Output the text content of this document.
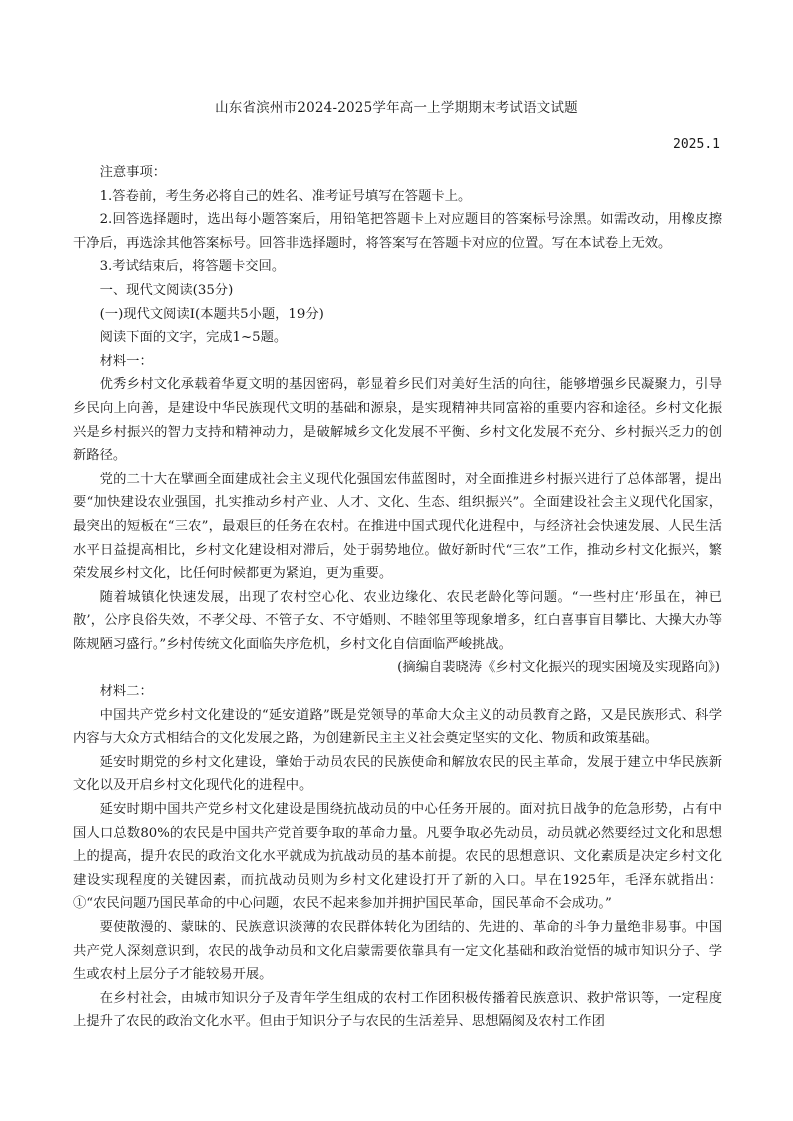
山东省滨州市2024-2025学年高一上学期期末考试语文试题
2025.1

注意事项：

1.答卷前，考生务必将自己的姓名、准考证号填写在答题卡上。

2.回答选择题时，选出每小题答案后，用铅笔把答题卡上对应题目的答案标号涂黑。如需改动，用橡皮擦干净后，再选涂其他答案标号。回答非选择题时，将答案写在答题卡对应的位置。写在本试卷上无效。

3.考试结束后，将答题卡交回。

一、现代文阅读(35分)

(一)现代文阅读Ⅰ(本题共5小题，19分)

阅读下面的文字，完成1~5题。

材料一：

优秀乡村文化承载着华夏文明的基因密码，彰显着乡民们对美好生活的向往，能够增强乡民凝聚力，引导乡民向上向善，是建设中华民族现代文明的基础和源泉，是实现精神共同富裕的重要内容和途径。乡村文化振兴是乡村振兴的智力支持和精神动力，是破解城乡文化发展不平衡、乡村文化发展不充分、乡村振兴乏力的创新路径。

党的二十大在擘画全面建成社会主义现代化强国宏伟蓝图时，对全面推进乡村振兴进行了总体部署，提出要“加快建设农业强国，扎实推动乡村产业、人才、文化、生态、组织振兴”。全面建设社会主义现代化国家，最突出的短板在“三农”，最艰巨的任务在农村。在推进中国式现代化进程中，与经济社会快速发展、人民生活水平日益提高相比，乡村文化建设相对滞后，处于弱势地位。做好新时代“三农”工作，推动乡村文化振兴，繁荣发展乡村文化，比任何时候都更为紧迫，更为重要。

随着城镇化快速发展，出现了农村空心化、农业边缘化、农民老龄化等问题。“一些村庄‘形虽在，神已散’，公序良俗失效，不孝父母、不管子女、不守婚则、不睦邻里等现象增多，红白喜事盲目攀比、大操大办等陈规陋习盛行。”乡村传统文化面临失序危机，乡村文化自信面临严峻挑战。

(摘编自裴晓涛《乡村文化振兴的现实困境及实现路向》)

材料二：

中国共产党乡村文化建设的“延安道路”既是党领导的革命大众主义的动员教育之路，又是民族形式、科学内容与大众方式相结合的文化发展之路，为创建新民主主义社会奠定坚实的文化、物质和政策基础。

延安时期党的乡村文化建设，肇始于动员农民的民族使命和解放农民的民主革命，发展于建立中华民族新文化以及开启乡村文化现代化的进程中。

延安时期中国共产党乡村文化建设是围绕抗战动员的中心任务开展的。面对抗日战争的危急形势，占有中国人口总数80%的农民是中国共产党首要争取的革命力量。凡要争取必先动员，动员就必然要经过文化和思想上的提高，提升农民的政治文化水平就成为抗战动员的基本前提。农民的思想意识、文化素质是决定乡村文化建设实现程度的关键因素，而抗战动员则为乡村文化建设打开了新的入口。早在1925年，毛泽东就指出：①“农民问题乃国民革命的中心问题，农民不起来参加并拥护国民革命，国民革命不会成功。”

要使散漫的、蒙昧的、民族意识淡薄的农民群体转化为团结的、先进的、革命的斗争力量绝非易事。中国共产党人深刻意识到，农民的战争动员和文化启蒙需要依靠具有一定文化基础和政治觉悟的城市知识分子、学生或农村上层分子才能较易开展。

在乡村社会，由城市知识分子及青年学生组成的农村工作团积极传播着民族意识、救护常识等，一定程度上提升了农民的政治文化水平。但由于知识分子与农民的生活差异、思想隔阂及农村工作团
